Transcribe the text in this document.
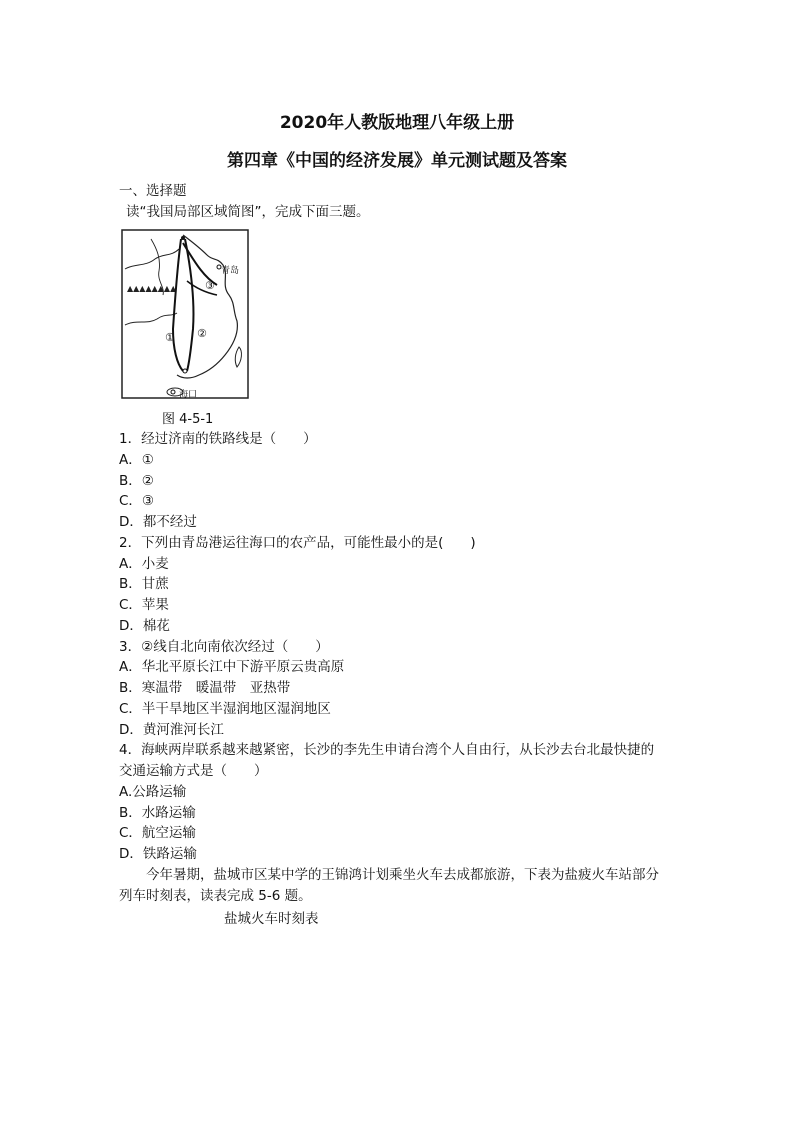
2020年人教版地理八年级上册
第四章《中国的经济发展》单元测试题及答案
一、选择题
读“我国局部区域简图”，完成下面三题。
▲▲▲▲▲▲▲▲
青岛
海口
① ②
③
图 4-5-1
1．经过济南的铁路线是（　　）
A．①
B．②
C．③
D．都不经过
2．下列由青岛港运往海口的农产品，可能性最小的是(　　)
A．小麦
B．甘蔗
C．苹果
D．棉花
3．②线自北向南依次经过（　　）
A．华北平原长江中下游平原云贵高原
B．寒温带　暖温带　亚热带
C．半干旱地区半湿润地区湿润地区
D．黄河淮河长江
4．海峡两岸联系越来越紧密，长沙的李先生申请台湾个人自由行，从长沙去台北最快捷的
交通运输方式是（　　）
A.公路运输
B．水路运输
C．航空运输
D．铁路运输
今年暑期，盐城市区某中学的王锦鸿计划乘坐火车去成都旅游，下表为盐疲火车站部分
列车时刻表，读表完成 5-6 题。
盐城火车时刻表
